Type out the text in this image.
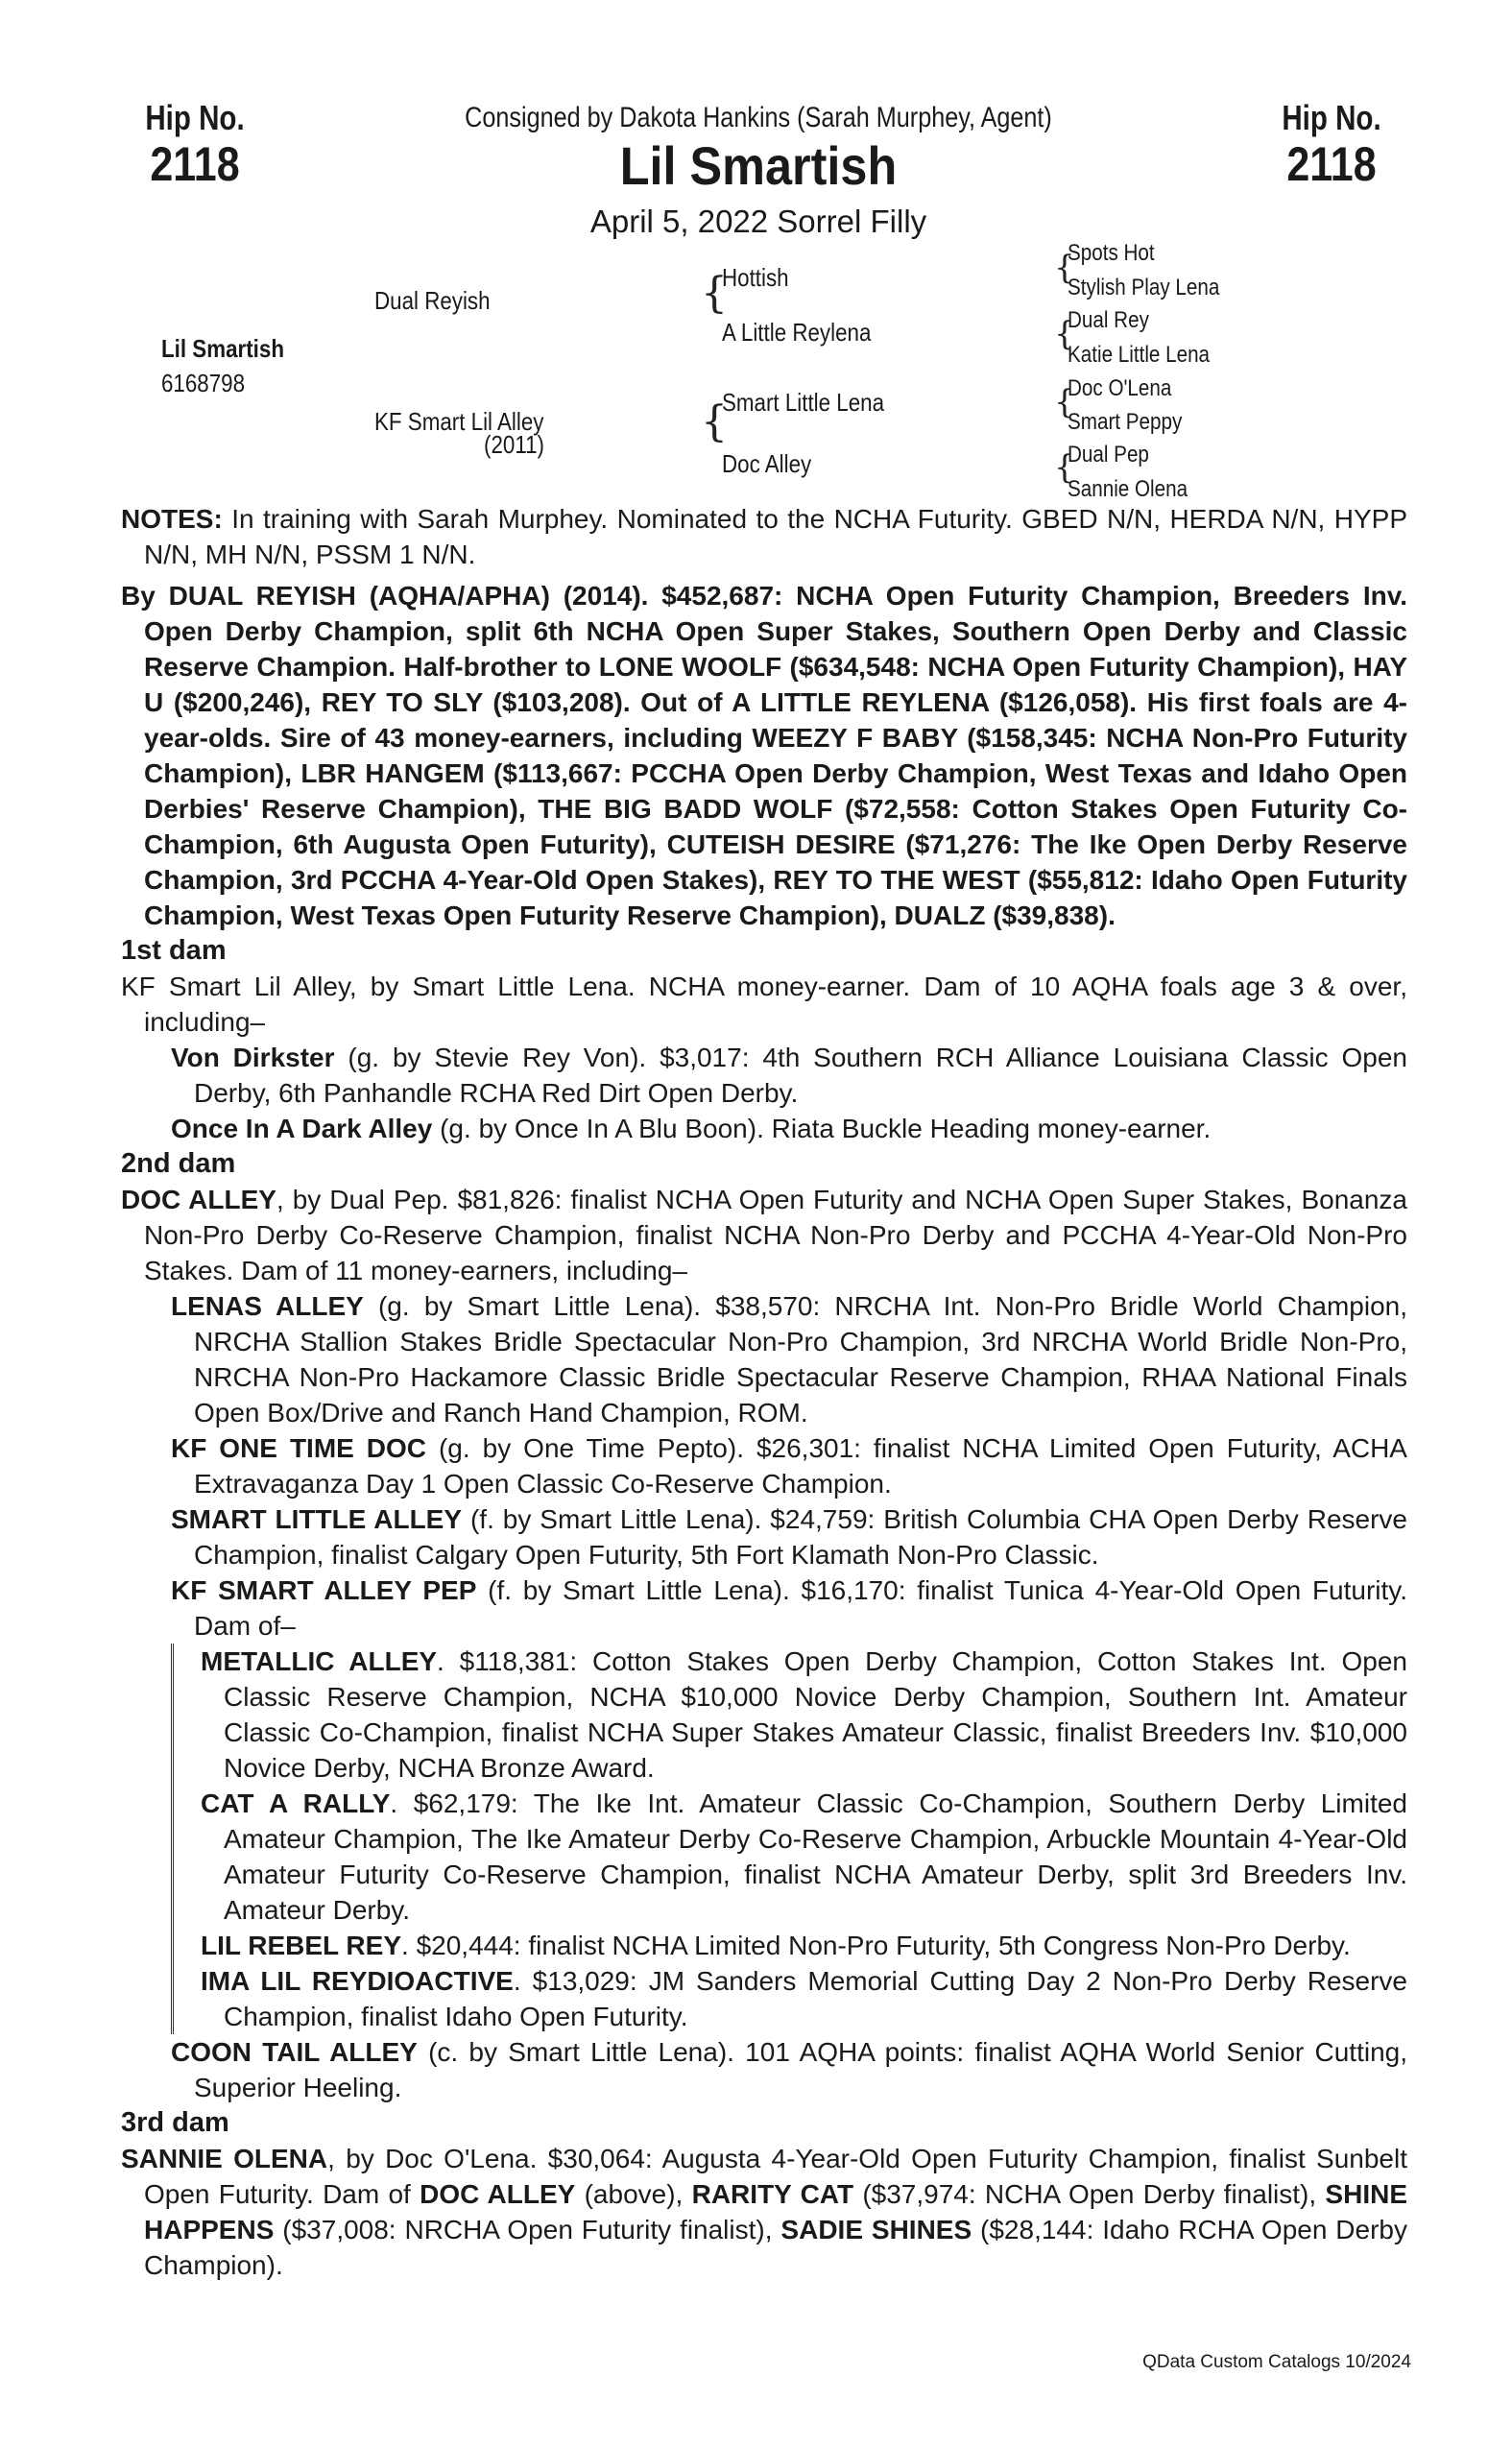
Hip No.
2118
Hip No.
2118
Consigned by Dakota Hankins (Sarah Murphey, Agent)
Lil Smartish
April 5, 2022 Sorrel Filly
Lil Smartish
6168798
Dual Reyish
KF Smart Lil Alley
(2011)
{
Hottish
A Little Reylena
{
Smart Little Lena
Doc Alley
{
Spots Hot
Stylish Play Lena
{
Dual Rey
Katie Little Lena
{
Doc O'Lena
Smart Peppy
{
Dual Pep
Sannie Olena

NOTES: In training with Sarah Murphey. Nominated to the NCHA Futurity. GBED N/N, HERDA N/N, HYPP N/N, MH N/N, PSSM 1 N/N.

By DUAL REYISH (AQHA/APHA) (2014). $452,687: NCHA Open Futurity Champion, Breeders Inv. Open Derby Champion, split 6th NCHA Open Super Stakes, Southern Open Derby and Classic Reserve Champion. Half-brother to LONE WOOLF ($634,548: NCHA Open Futurity Champion), HAY U ($200,246), REY TO SLY ($103,208). Out of A LITTLE REYLENA ($126,058). His first foals are 4-year-olds. Sire of 43 money-earners, including WEEZY F BABY ($158,345: NCHA Non-Pro Futurity Champion), LBR HANGEM ($113,667: PCCHA Open Derby Champion, West Texas and Idaho Open Derbies' Reserve Champion), THE BIG BADD WOLF ($72,558: Cotton Stakes Open Futurity Co-Champion, 6th Augusta Open Futurity), CUTEISH DESIRE ($71,276: The Ike Open Derby Reserve Champion, 3rd PCCHA 4-Year-Old Open Stakes), REY TO THE WEST ($55,812: Idaho Open Futurity Champion, West Texas Open Futurity Reserve Champion), DUALZ ($39,838).

1st dam

KF Smart Lil Alley, by Smart Little Lena. NCHA money-earner. Dam of 10 AQHA foals age 3 & over, including–

Von Dirkster (g. by Stevie Rey Von). $3,017: 4th Southern RCH Alliance Louisiana Classic Open Derby, 6th Panhandle RCHA Red Dirt Open Derby.

Once In A Dark Alley (g. by Once In A Blu Boon). Riata Buckle Heading money-earner.

2nd dam

DOC ALLEY, by Dual Pep. $81,826: finalist NCHA Open Futurity and NCHA Open Super Stakes, Bonanza Non-Pro Derby Co-Reserve Champion, finalist NCHA Non-Pro Derby and PCCHA 4-Year-Old Non-Pro Stakes. Dam of 11 money-earners, including–

LENAS ALLEY (g. by Smart Little Lena). $38,570: NRCHA Int. Non-Pro Bridle World Champion, NRCHA Stallion Stakes Bridle Spectacular Non-Pro Champion, 3rd NRCHA World Bridle Non-Pro, NRCHA Non-Pro Hackamore Classic Bridle Spectacular Reserve Champion, RHAA National Finals Open Box/Drive and Ranch Hand Champion, ROM.

KF ONE TIME DOC (g. by One Time Pepto). $26,301: finalist NCHA Limited Open Futurity, ACHA Extravaganza Day 1 Open Classic Co-Reserve Champion.

SMART LITTLE ALLEY (f. by Smart Little Lena). $24,759: British Columbia CHA Open Derby Reserve Champion, finalist Calgary Open Futurity, 5th Fort Klamath Non-Pro Classic.

KF SMART ALLEY PEP (f. by Smart Little Lena). $16,170: finalist Tunica 4-Year-Old Open Futurity. Dam of–

METALLIC ALLEY. $118,381: Cotton Stakes Open Derby Champion, Cotton Stakes Int. Open Classic Reserve Champion, NCHA $10,000 Novice Derby Champion, Southern Int. Amateur Classic Co-Champion, finalist NCHA Super Stakes Amateur Classic, finalist Breeders Inv. $10,000 Novice Derby, NCHA Bronze Award.

CAT A RALLY. $62,179: The Ike Int. Amateur Classic Co-Champion, Southern Derby Limited Amateur Champion, The Ike Amateur Derby Co-Reserve Champion, Arbuckle Mountain 4-Year-Old Amateur Futurity Co-Reserve Champion, finalist NCHA Amateur Derby, split 3rd Breeders Inv. Amateur Derby.

LIL REBEL REY. $20,444: finalist NCHA Limited Non-Pro Futurity, 5th Congress Non-Pro Derby.

IMA LIL REYDIOACTIVE. $13,029: JM Sanders Memorial Cutting Day 2 Non-Pro Derby Reserve Champion, finalist Idaho Open Futurity.

COON TAIL ALLEY (c. by Smart Little Lena). 101 AQHA points: finalist AQHA World Senior Cutting, Superior Heeling.

3rd dam

SANNIE OLENA, by Doc O'Lena. $30,064: Augusta 4-Year-Old Open Futurity Champion, finalist Sunbelt Open Futurity. Dam of DOC ALLEY (above), RARITY CAT ($37,974: NCHA Open Derby finalist), SHINE HAPPENS ($37,008: NRCHA Open Futurity finalist), SADIE SHINES ($28,144: Idaho RCHA Open Derby Champion).

QData Custom Catalogs 10/2024
